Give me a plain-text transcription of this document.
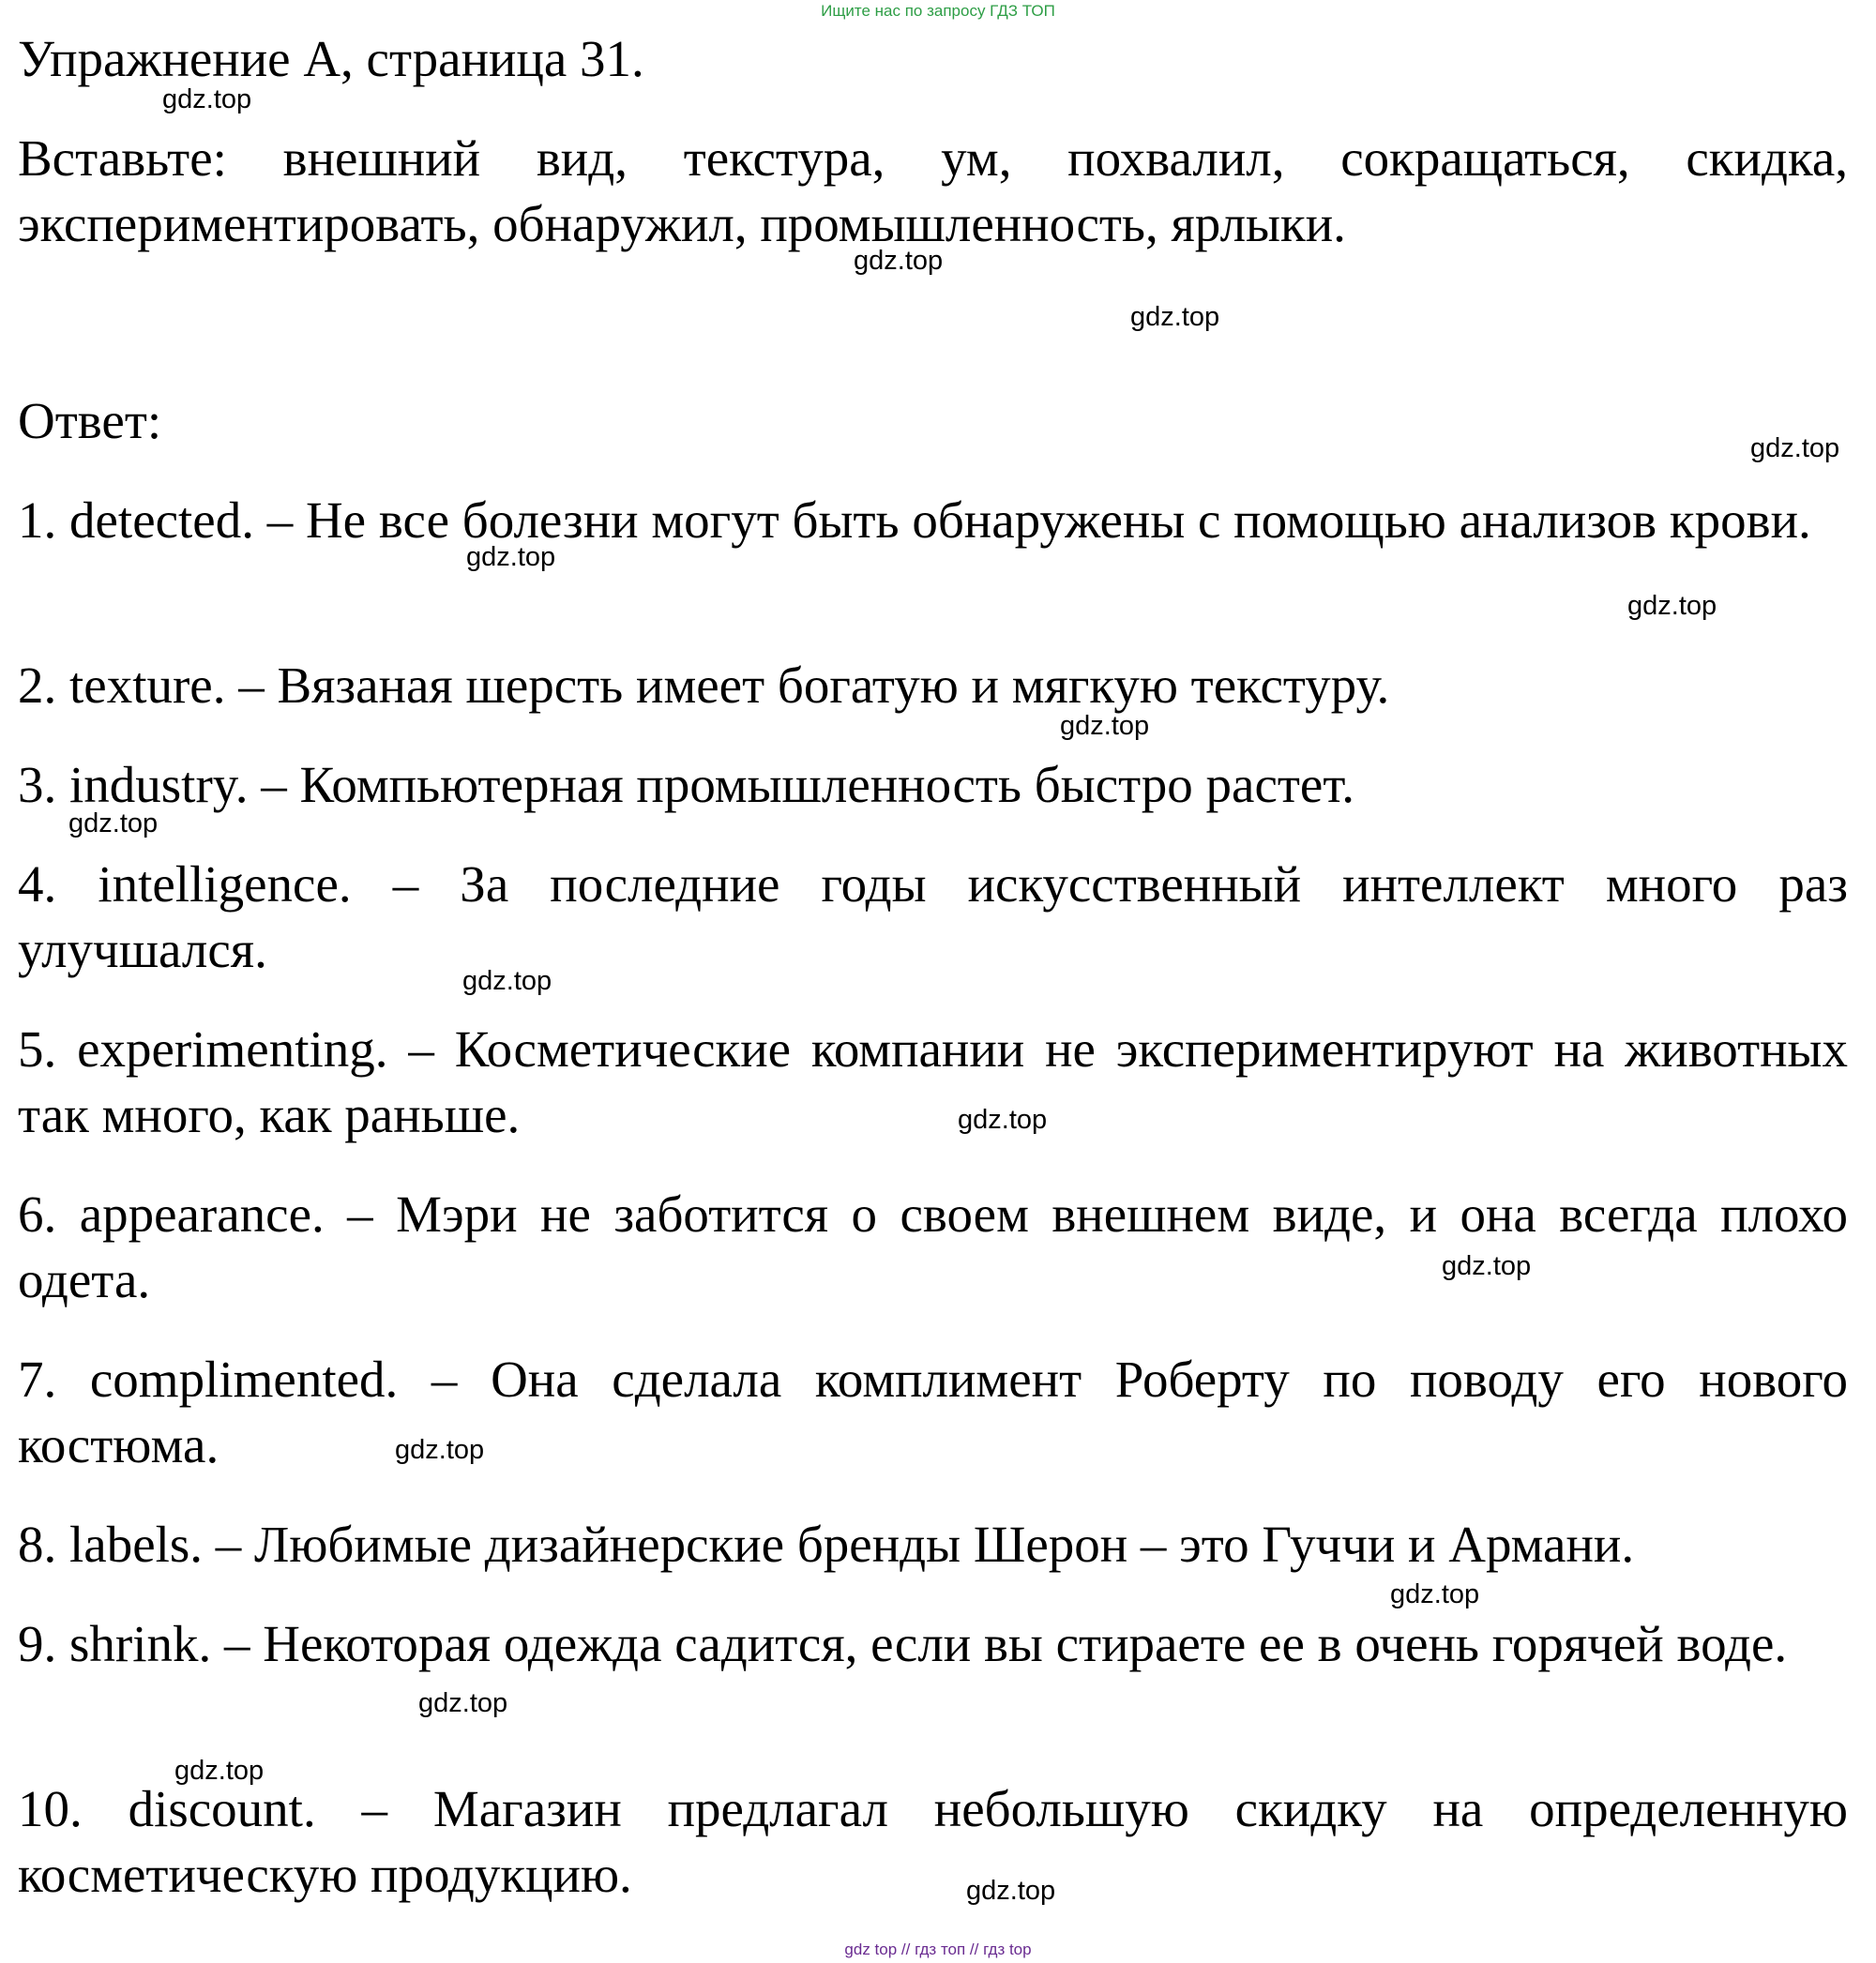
Ищите нас по запросу ГДЗ ТОП
Упражнение A, страница 31.
Вставьте: внешний вид, текстура, ум, похвалил, сокращаться, скидка, экспериментировать, обнаружил, промышленность, ярлыки.
Ответ:
1. detected. – Не все болезни могут быть обнаружены с помощью анализов крови.
2. texture. – Вязаная шерсть имеет богатую и мягкую текстуру.
3. industry. – Компьютерная промышленность быстро растет.
4. intelligence. – За последние годы искусственный интеллект много раз улучшался.
5. experimenting. – Косметические компании не экспериментируют на животных так много, как раньше.
6. appearance. – Мэри не заботится о своем внешнем виде, и она всегда плохо одета.
7. complimented. – Она сделала комплимент Роберту по поводу его нового костюма.
8. labels. – Любимые дизайнерские бренды Шерон – это Гуччи и Армани.
9. shrink. – Некоторая одежда садится, если вы стираете ее в очень горячей воде.
10. discount. – Магазин предлагал небольшую скидку на определенную косметическую продукцию.
gdz.top
gdz.top
gdz.top
gdz.top
gdz.top
gdz.top
gdz.top
gdz.top
gdz.top
gdz.top
gdz.top
gdz.top
gdz.top
gdz.top
gdz.top
gdz.top
gdz top // гдз топ // гдз top
